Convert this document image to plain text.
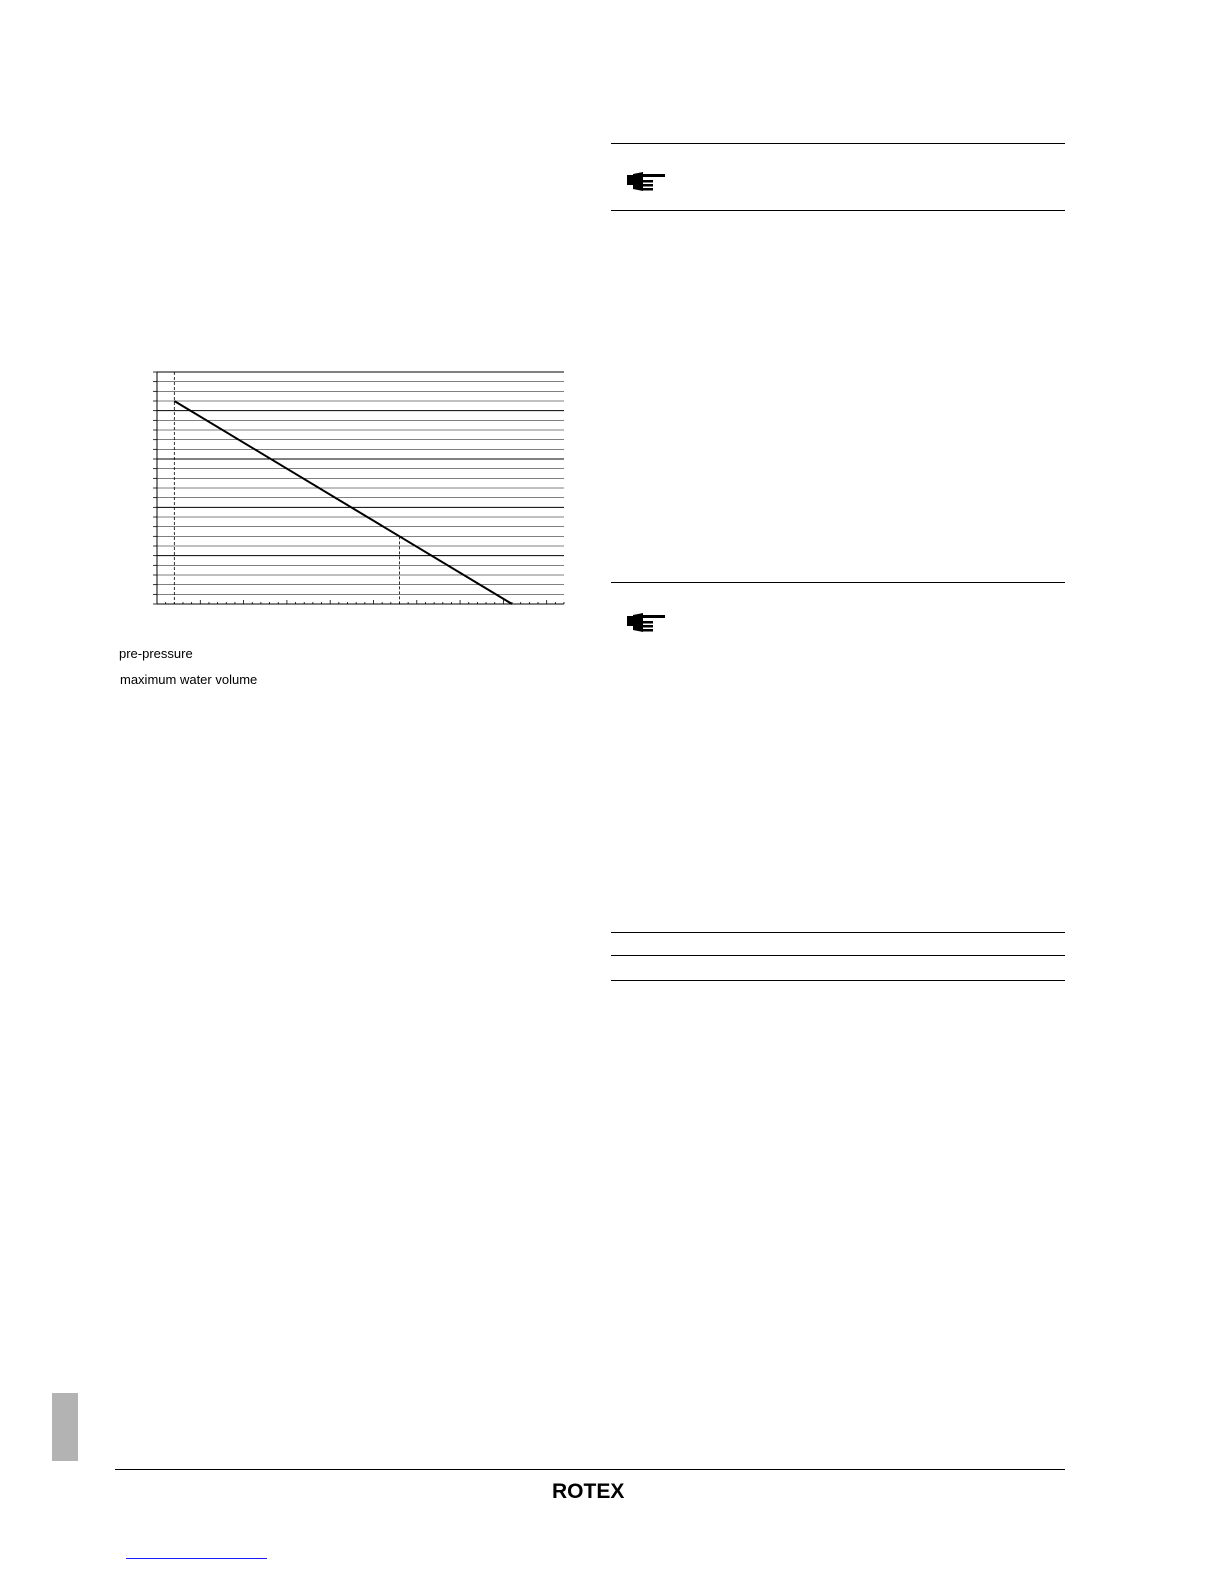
pre-pressure
maximum water volume
ROTEX
